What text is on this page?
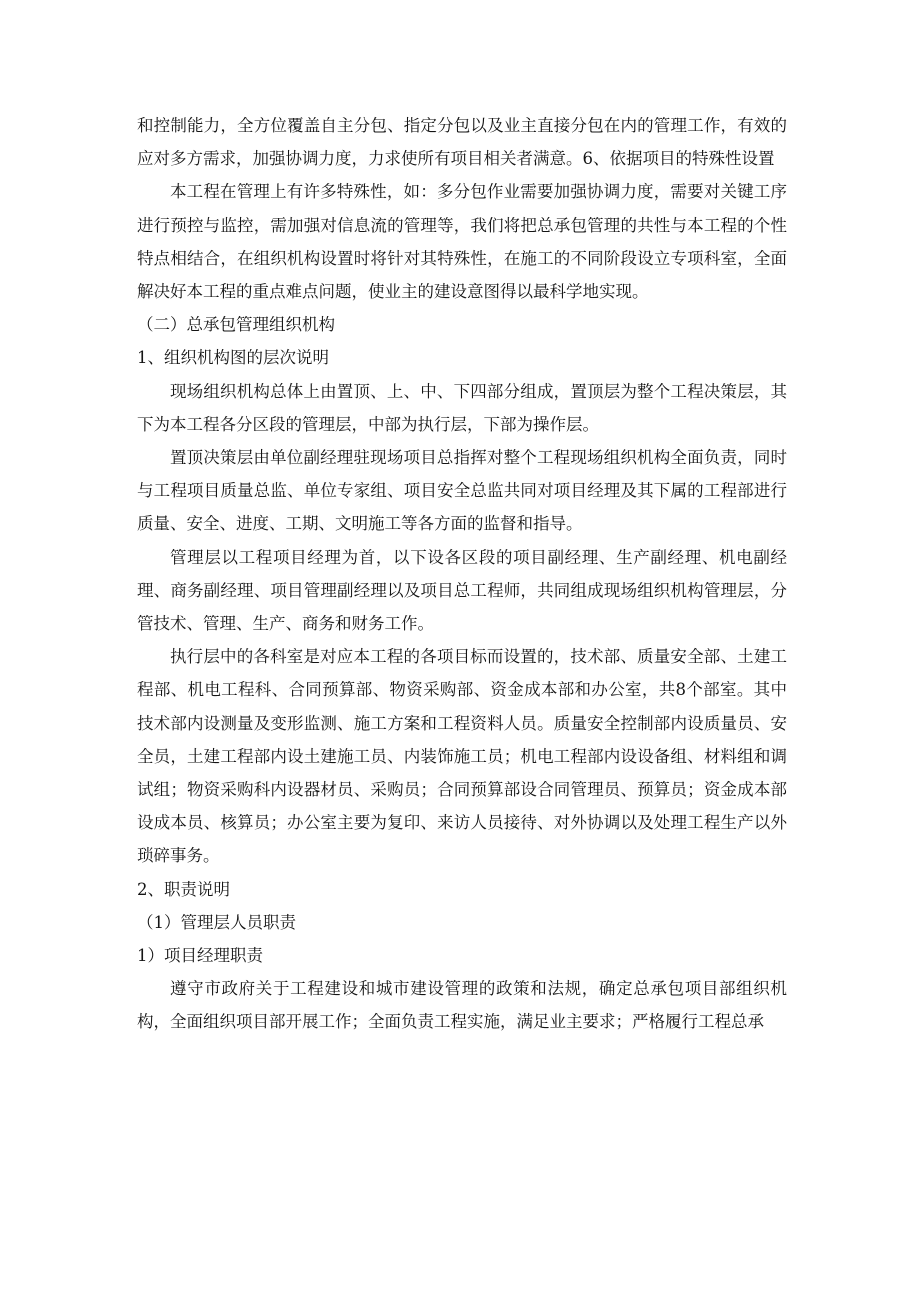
和控制能力，全方位覆盖自主分包、指定分包以及业主直接分包在内的管理工作，有效的应对多方需求，加强协调力度，力求使所有项目相关者满意。6、依据项目的特殊性设置

本工程在管理上有许多特殊性，如：多分包作业需要加强协调力度，需要对关键工序进行预控与监控，需加强对信息流的管理等，我们将把总承包管理的共性与本工程的个性特点相结合，在组织机构设置时将针对其特殊性，在施工的不同阶段设立专项科室，全面解决好本工程的重点难点问题，使业主的建设意图得以最科学地实现。

（二）总承包管理组织机构

1、组织机构图的层次说明

现场组织机构总体上由置顶、上、中、下四部分组成，置顶层为整个工程决策层，其下为本工程各分区段的管理层，中部为执行层，下部为操作层。

置顶决策层由单位副经理驻现场项目总指挥对整个工程现场组织机构全面负责，同时与工程项目质量总监、单位专家组、项目安全总监共同对项目经理及其下属的工程部进行质量、安全、进度、工期、文明施工等各方面的监督和指导。

管理层以工程项目经理为首，以下设各区段的项目副经理、生产副经理、机电副经理、商务副经理、项目管理副经理以及项目总工程师，共同组成现场组织机构管理层，分管技术、管理、生产、商务和财务工作。

执行层中的各科室是对应本工程的各项目标而设置的，技术部、质量安全部、土建工程部、机电工程科、合同预算部、物资采购部、资金成本部和办公室，共8个部室。其中技术部内设测量及变形监测、施工方案和工程资料人员。质量安全控制部内设质量员、安全员，土建工程部内设土建施工员、内装饰施工员；机电工程部内设设备组、材料组和调试组；物资采购科内设器材员、采购员；合同预算部设合同管理员、预算员；资金成本部设成本员、核算员；办公室主要为复印、来访人员接待、对外协调以及处理工程生产以外琐碎事务。

2、职责说明

（1）管理层人员职责

1）项目经理职责

遵守市政府关于工程建设和城市建设管理的政策和法规，确定总承包项目部组织机构，全面组织项目部开展工作；全面负责工程实施，满足业主要求；严格履行工程总承
